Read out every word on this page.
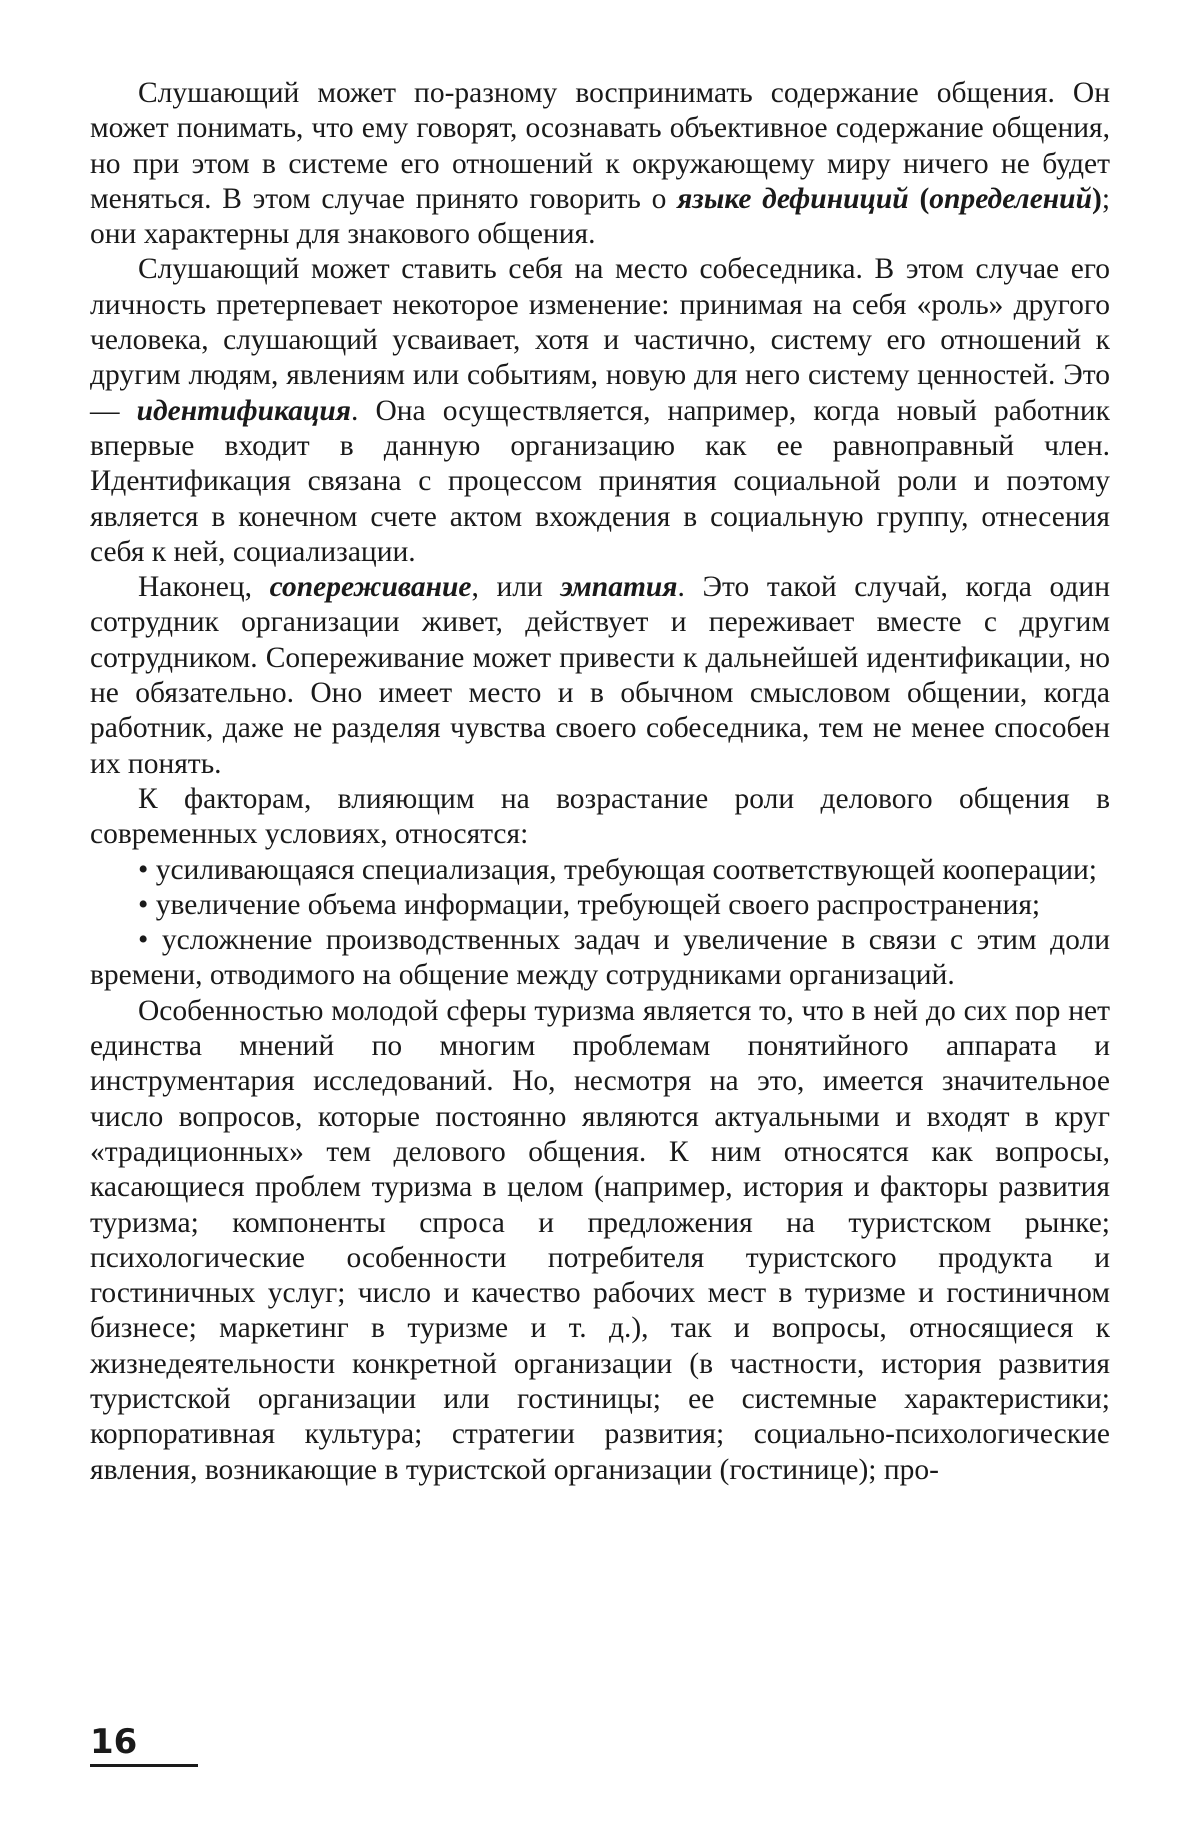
Слушающий может по-разному воспринимать содержание общения. Он может понимать, что ему говорят, осознавать объективное содержание общения, но при этом в системе его отношений к окружающему миру ничего не будет меняться. В этом случае принято говорить о языке дефиниций (определений); они характерны для знакового общения.

Слушающий может ставить себя на место собеседника. В этом случае его личность претерпевает некоторое изменение: принимая на себя «роль» другого человека, слушающий усваивает, хотя и частично, систему его отношений к другим людям, явлениям или событиям, новую для него систему ценностей. Это — идентификация. Она осуществляется, например, когда новый работник впервые входит в данную организацию как ее равноправный член. Идентификация связана с процессом принятия социальной роли и поэтому является в конечном счете актом вхождения в социальную группу, отнесения себя к ней, социализации.

Наконец, сопереживание, или эмпатия. Это такой случай, когда один сотрудник организации живет, действует и переживает вместе с другим сотрудником. Сопереживание может привести к дальнейшей идентификации, но не обязательно. Оно имеет место и в обычном смысловом общении, когда работник, даже не разделяя чувства своего собеседника, тем не менее способен их понять.

К факторам, влияющим на возрастание роли делового общения в современных условиях, относятся:

• усиливающаяся специализация, требующая соответствующей кооперации;

• увеличение объема информации, требующей своего распространения;

• усложнение производственных задач и увеличение в связи с этим доли времени, отводимого на общение между сотрудниками организаций.

Особенностью молодой сферы туризма является то, что в ней до сих пор нет единства мнений по многим проблемам понятийного аппарата и инструментария исследований. Но, несмотря на это, имеется значительное число вопросов, которые постоянно являются актуальными и входят в круг «традиционных» тем делового общения. К ним относятся как вопросы, касающиеся проблем туризма в целом (например, история и факторы развития туризма; компоненты спроса и предложения на туристском рынке; психологические особенности потребителя туристского продукта и гостиничных услуг; число и качество рабочих мест в туризме и гостиничном бизнесе; маркетинг в туризме и т. д.), так и вопросы, относящиеся к жизнедеятельности конкретной организации (в частности, история развития туристской организации или гостиницы; ее системные характеристики; корпоративная культура; стратегии развития; социально-психологические явления, возникающие в туристской организации (гостинице); про-

16
